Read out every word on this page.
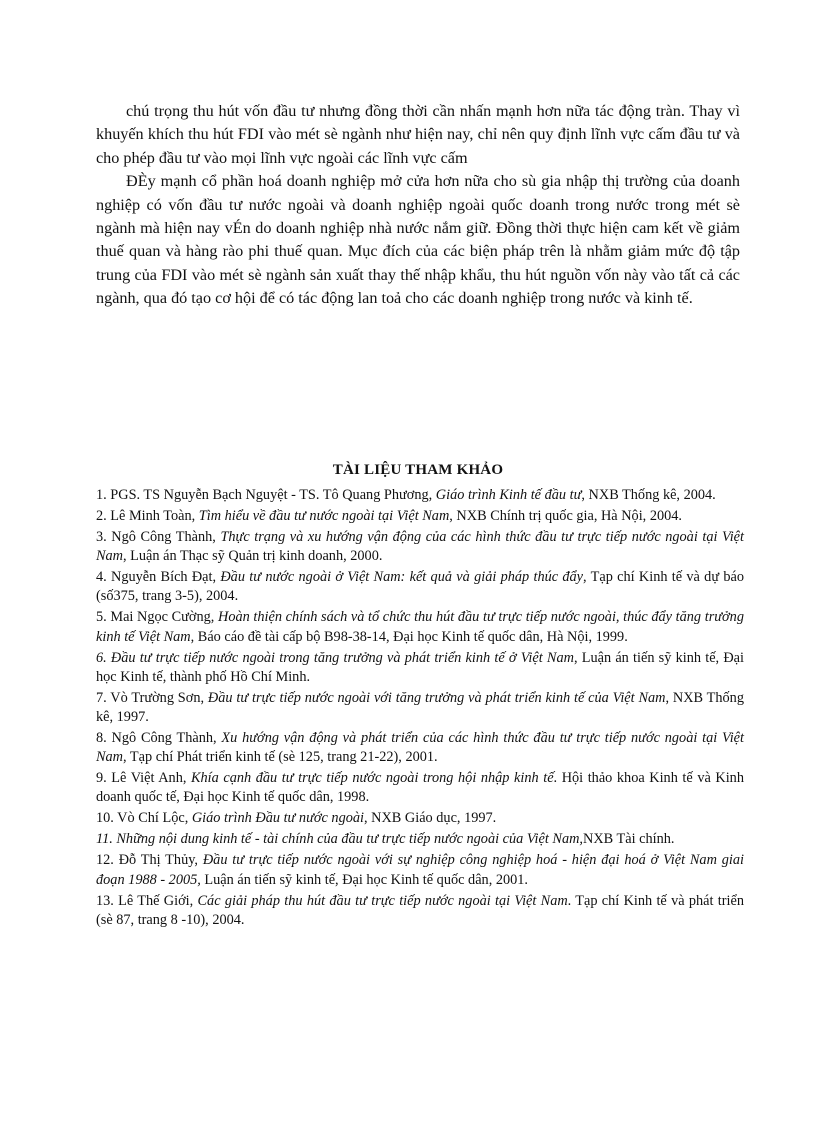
chú trọng thu hút vốn đầu tư nhưng đồng thời cần nhấn mạnh hơn nữa tác động tràn. Thay vì khuyến khích thu hút FDI vào mét sè ngành như hiện nay, chỉ nên quy định lĩnh vực cấm đầu tư và cho phép đầu tư vào mọi lĩnh vực ngoài các lĩnh vực cấm

ĐÈy mạnh cổ phần hoá doanh nghiệp mở cửa hơn nữa cho sù gia nhập thị trường của doanh nghiệp có vốn đầu tư nước ngoài và doanh nghiệp ngoài quốc doanh trong nước trong mét sè ngành mà hiện nay vÉn do doanh nghiệp nhà nước nắm giữ. Đồng thời thực hiện cam kết về giảm thuế quan và hàng rào phi thuế quan. Mục đích của các biện pháp trên là nhằm giảm mức độ tập trung của FDI vào mét sè ngành sản xuất thay thế nhập khẩu, thu hút nguồn vốn này vào tất cả các ngành, qua đó tạo cơ hội để có tác động lan toả cho các doanh nghiệp trong nước và kinh tế.

TÀI LIỆU THAM KHẢO

1. PGS. TS Nguyễn Bạch Nguyệt - TS. Tô Quang Phương, Giáo trình Kinh tế đầu tư, NXB Thống kê, 2004.

2. Lê Minh Toàn, Tìm hiểu về đầu tư nước ngoài tại Việt Nam, NXB Chính trị quốc gia, Hà Nội, 2004.

3. Ngô Công Thành, Thực trạng và xu hướng vận động của các hình thức đầu tư trực tiếp nước ngoài tại Việt Nam, Luận án Thạc sỹ Quản trị kinh doanh, 2000.

4. Nguyễn Bích Đạt, Đầu tư nước ngoài ở Việt Nam: kết quả và giải pháp thúc đẩy, Tạp chí Kinh tế và dự báo (số375, trang 3-5), 2004.

5. Mai Ngọc Cường, Hoàn thiện chính sách và tổ chức thu hút đầu tư trực tiếp nước ngoài, thúc đẩy tăng trưởng kinh tế Việt Nam, Báo cáo đề tài cấp bộ B98-38-14, Đại học Kinh tế quốc dân, Hà Nội, 1999.

6. Đầu tư trực tiếp nước ngoài trong tăng trưởng và phát triển kinh tế ở Việt Nam, Luận án tiến sỹ kinh tế, Đại học Kinh tế, thành phố Hồ Chí Minh.

7. Vò Trường Sơn, Đầu tư trực tiếp nước ngoài với tăng trưởng và phát triển kinh tế của Việt Nam, NXB Thống kê, 1997.

8. Ngô Công Thành, Xu hướng vận động và phát triển của các hình thức đầu tư trực tiếp nước ngoài tại Việt Nam, Tạp chí Phát triển kinh tế (sè 125, trang 21-22), 2001.

9. Lê Việt Anh, Khía cạnh đầu tư trực tiếp nước ngoài trong hội nhập kinh tế. Hội thảo khoa Kinh tế và Kinh doanh quốc tế, Đại học Kinh tế quốc dân, 1998.

10. Vò Chí Lộc, Giáo trình Đầu tư nước ngoài, NXB Giáo dục, 1997.

11. Những nội dung kinh tế - tài chính của đầu tư trực tiếp nước ngoài của Việt Nam,NXB Tài chính.

12. Đỗ Thị Thủy, Đầu tư trực tiếp nước ngoài với sự nghiệp công nghiệp hoá - hiện đại hoá ở Việt Nam giai đoạn 1988 - 2005, Luận án tiến sỹ kinh tế, Đại học Kinh tế quốc dân, 2001.

13. Lê Thế Giới, Các giải pháp thu hút đầu tư trực tiếp nước ngoài tại Việt Nam. Tạp chí Kinh tế và phát triển (sè 87, trang 8 -10), 2004.
